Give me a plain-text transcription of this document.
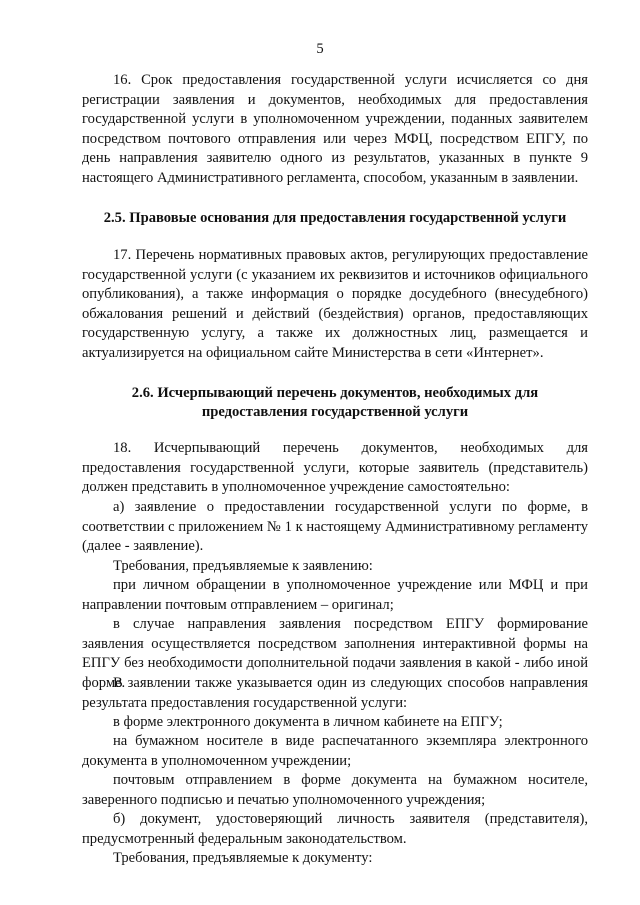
5
16. Срок предоставления государственной услуги исчисляется со дня регистрации заявления и документов, необходимых для предоставления государственной услуги в уполномоченном учреждении, поданных заявителем посредством почтового отправления или через МФЦ, посредством ЕПГУ, по день направления заявителю одного из результатов, указанных в пункте 9 настоящего Административного регламента, способом, указанным в заявлении.
2.5. Правовые основания для предоставления государственной услуги
17. Перечень нормативных правовых актов, регулирующих предоставление государственной услуги (с указанием их реквизитов и источников официального опубликования), а также информация о порядке досудебного (внесудебного) обжалования решений и действий (бездействия) органов, предоставляющих государственную услугу, а также их должностных лиц, размещается и актуализируется на официальном сайте Министерства в сети «Интернет».
2.6. Исчерпывающий перечень документов, необходимых для
предоставления государственной услуги
18. Исчерпывающий перечень документов, необходимых для предоставления государственной услуги, которые заявитель (представитель) должен представить в уполномоченное учреждение самостоятельно:
а) заявление о предоставлении государственной услуги по форме, в соответствии с приложением № 1 к настоящему Административному регламенту (далее - заявление).
Требования, предъявляемые к заявлению:
при личном обращении в уполномоченное учреждение или МФЦ и при направлении почтовым отправлением – оригинал;
в случае направления заявления посредством ЕПГУ формирование заявления осуществляется посредством заполнения интерактивной формы на ЕПГУ без необходимости дополнительной подачи заявления в какой - либо иной форме.
В заявлении также указывается один из следующих способов направления результата предоставления государственной услуги:
в форме электронного документа в личном кабинете на ЕПГУ;
на бумажном носителе в виде распечатанного экземпляра электронного документа в уполномоченном учреждении;
почтовым отправлением в форме документа на бумажном носителе, заверенного подписью и печатью уполномоченного учреждения;
б) документ, удостоверяющий личность заявителя (представителя), предусмотренный федеральным законодательством.
Требования, предъявляемые к документу:
